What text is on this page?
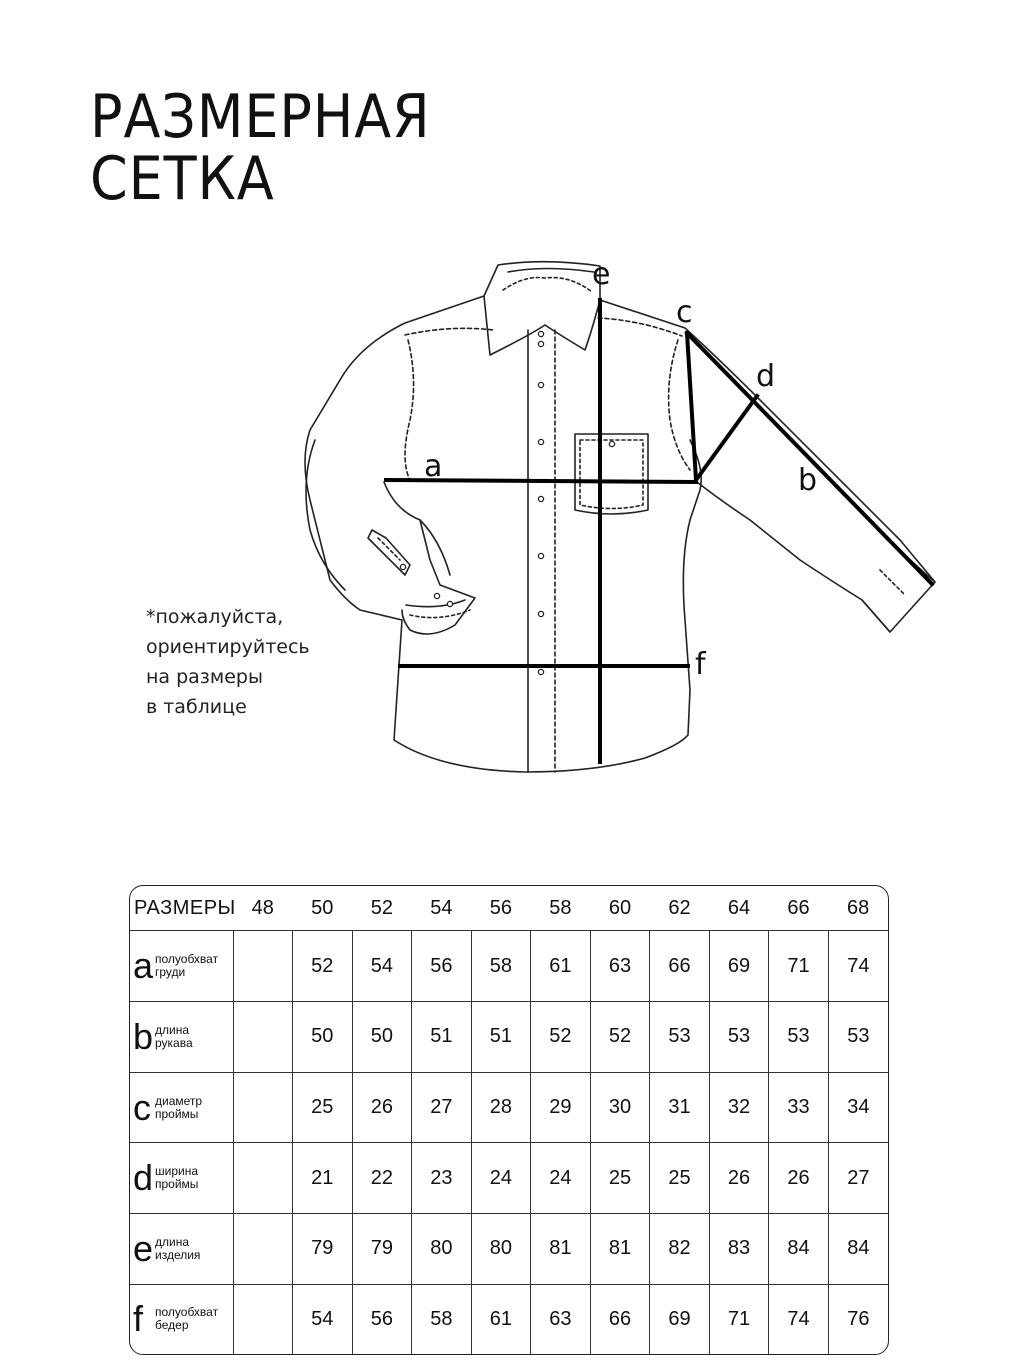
РАЗМЕРНАЯ
СЕТКА
a	b
c
d
e
f
*пожалуйста,
ориентируйтесь
на размеры
в таблице
РАЗМЕРЫ	48	50	52	54	56	58	60	62	64	66	68
a полуобхват
груди		52	54	56	58	61	63	66	69	71	74
b длина
рукава		50	50	51	51	52	52	53	53	53	53
c диаметр
проймы		25	26	27	28	29	30	31	32	33	34
d ширина
проймы		21	22	23	24	24	25	25	26	26	27
e длина
изделия		79	79	80	80	81	81	82	83	84	84
f полуобхват
бедер		54	56	58	61	63	66	69	71	74	76
